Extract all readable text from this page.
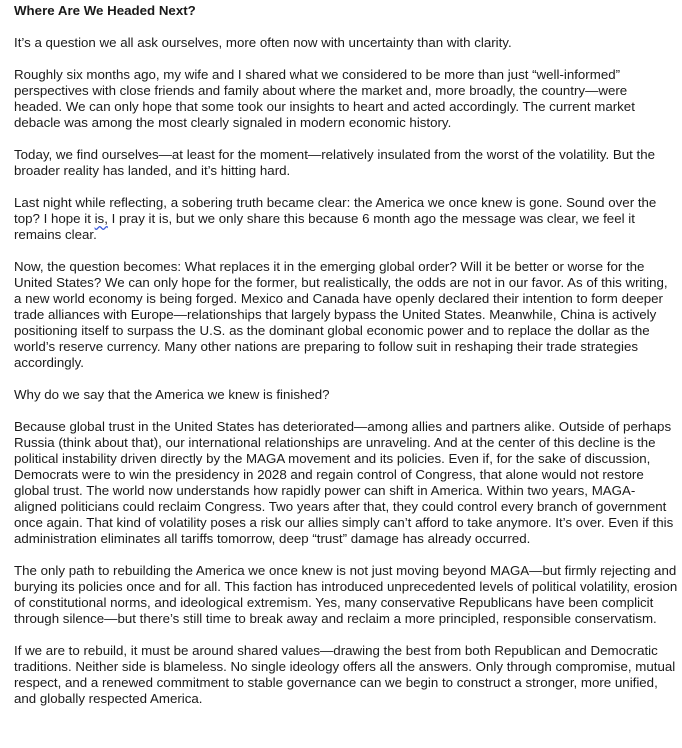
Where Are We Headed Next?

It’s a question we all ask ourselves, more often now with uncertainty than with clarity.

Roughly six months ago, my wife and I shared what we considered to be more than just “well-informed” perspectives with close friends and family about where the market and, more broadly, the country—were headed. We can only hope that some took our insights to heart and acted accordingly. The current market debacle was among the most clearly signaled in modern economic history.

Today, we find ourselves—at least for the moment—relatively insulated from the worst of the volatility. But the broader reality has landed, and it’s hitting hard.

Last night while reflecting, a sobering truth became clear: the America we once knew is gone. Sound over the top? I hope it is, I pray it is, but we only share this because 6 month ago the message was clear, we feel it remains clear.

Now, the question becomes: What replaces it in the emerging global order? Will it be better or worse for the United States? We can only hope for the former, but realistically, the odds are not in our favor. As of this writing, a new world economy is being forged. Mexico and Canada have openly declared their intention to form deeper trade alliances with Europe—relationships that largely bypass the United States. Meanwhile, China is actively positioning itself to surpass the U.S. as the dominant global economic power and to replace the dollar as the world’s reserve currency. Many other nations are preparing to follow suit in reshaping their trade strategies accordingly.

Why do we say that the America we knew is finished?

Because global trust in the United States has deteriorated—among allies and partners alike. Outside of perhaps Russia (think about that), our international relationships are unraveling. And at the center of this decline is the political instability driven directly by the MAGA movement and its policies. Even if, for the sake of discussion, Democrats were to win the presidency in 2028 and regain control of Congress, that alone would not restore global trust. The world now understands how rapidly power can shift in America. Within two years, MAGA-aligned politicians could reclaim Congress. Two years after that, they could control every branch of government once again. That kind of volatility poses a risk our allies simply can’t afford to take anymore. It’s over. Even if this administration eliminates all tariffs tomorrow, deep “trust” damage has already occurred.

The only path to rebuilding the America we once knew is not just moving beyond MAGA—but firmly rejecting and burying its policies once and for all. This faction has introduced unprecedented levels of political volatility, erosion of constitutional norms, and ideological extremism. Yes, many conservative Republicans have been complicit through silence—but there’s still time to break away and reclaim a more principled, responsible conservatism.

If we are to rebuild, it must be around shared values—drawing the best from both Republican and Democratic traditions. Neither side is blameless. No single ideology offers all the answers. Only through compromise, mutual respect, and a renewed commitment to stable governance can we begin to construct a stronger, more unified, and globally respected America.
